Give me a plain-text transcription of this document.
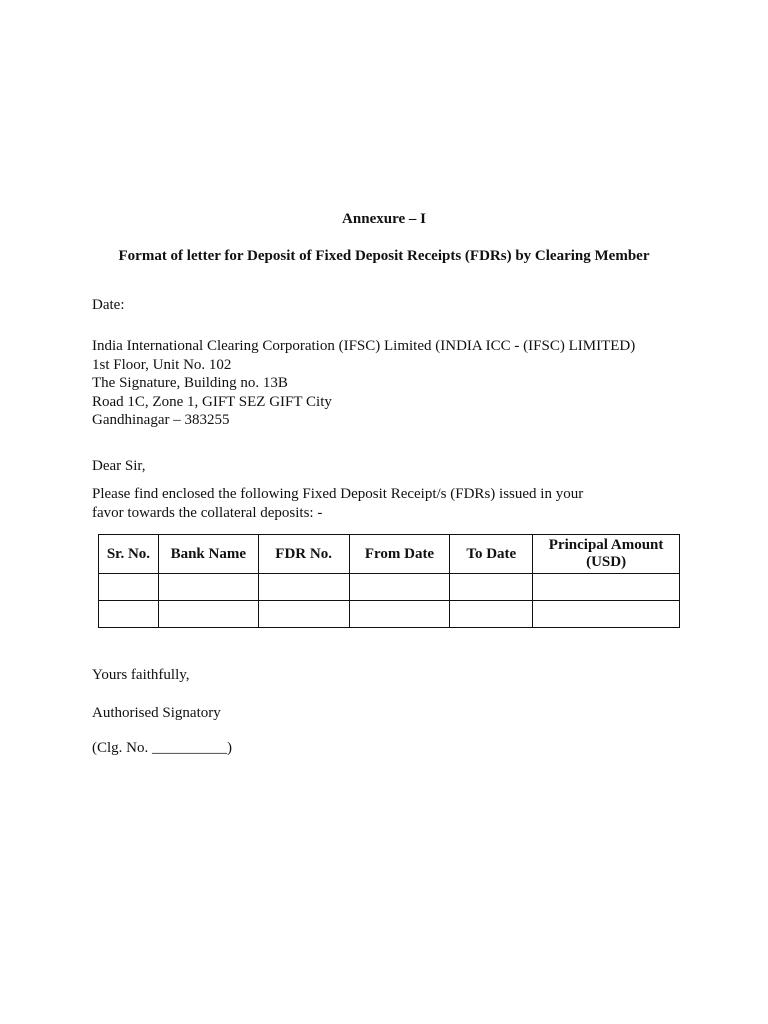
Annexure – I

Format of letter for Deposit of Fixed Deposit Receipts (FDRs) by Clearing Member

Date:

India International Clearing Corporation (IFSC) Limited (INDIA ICC - (IFSC) LIMITED)
1st Floor, Unit No. 102
The Signature, Building no. 13B
Road 1C, Zone 1, GIFT SEZ GIFT City
Gandhinagar – 383255

Dear Sir,

Please find enclosed the following Fixed Deposit Receipt/s (FDRs) issued in your

favor towards the collateral deposits: -

Sr. No.	Bank Name	FDR No.	From Date	To Date	Principal Amount (USD)

Yours faithfully,

Authorised Signatory

(Clg. No. __________)
